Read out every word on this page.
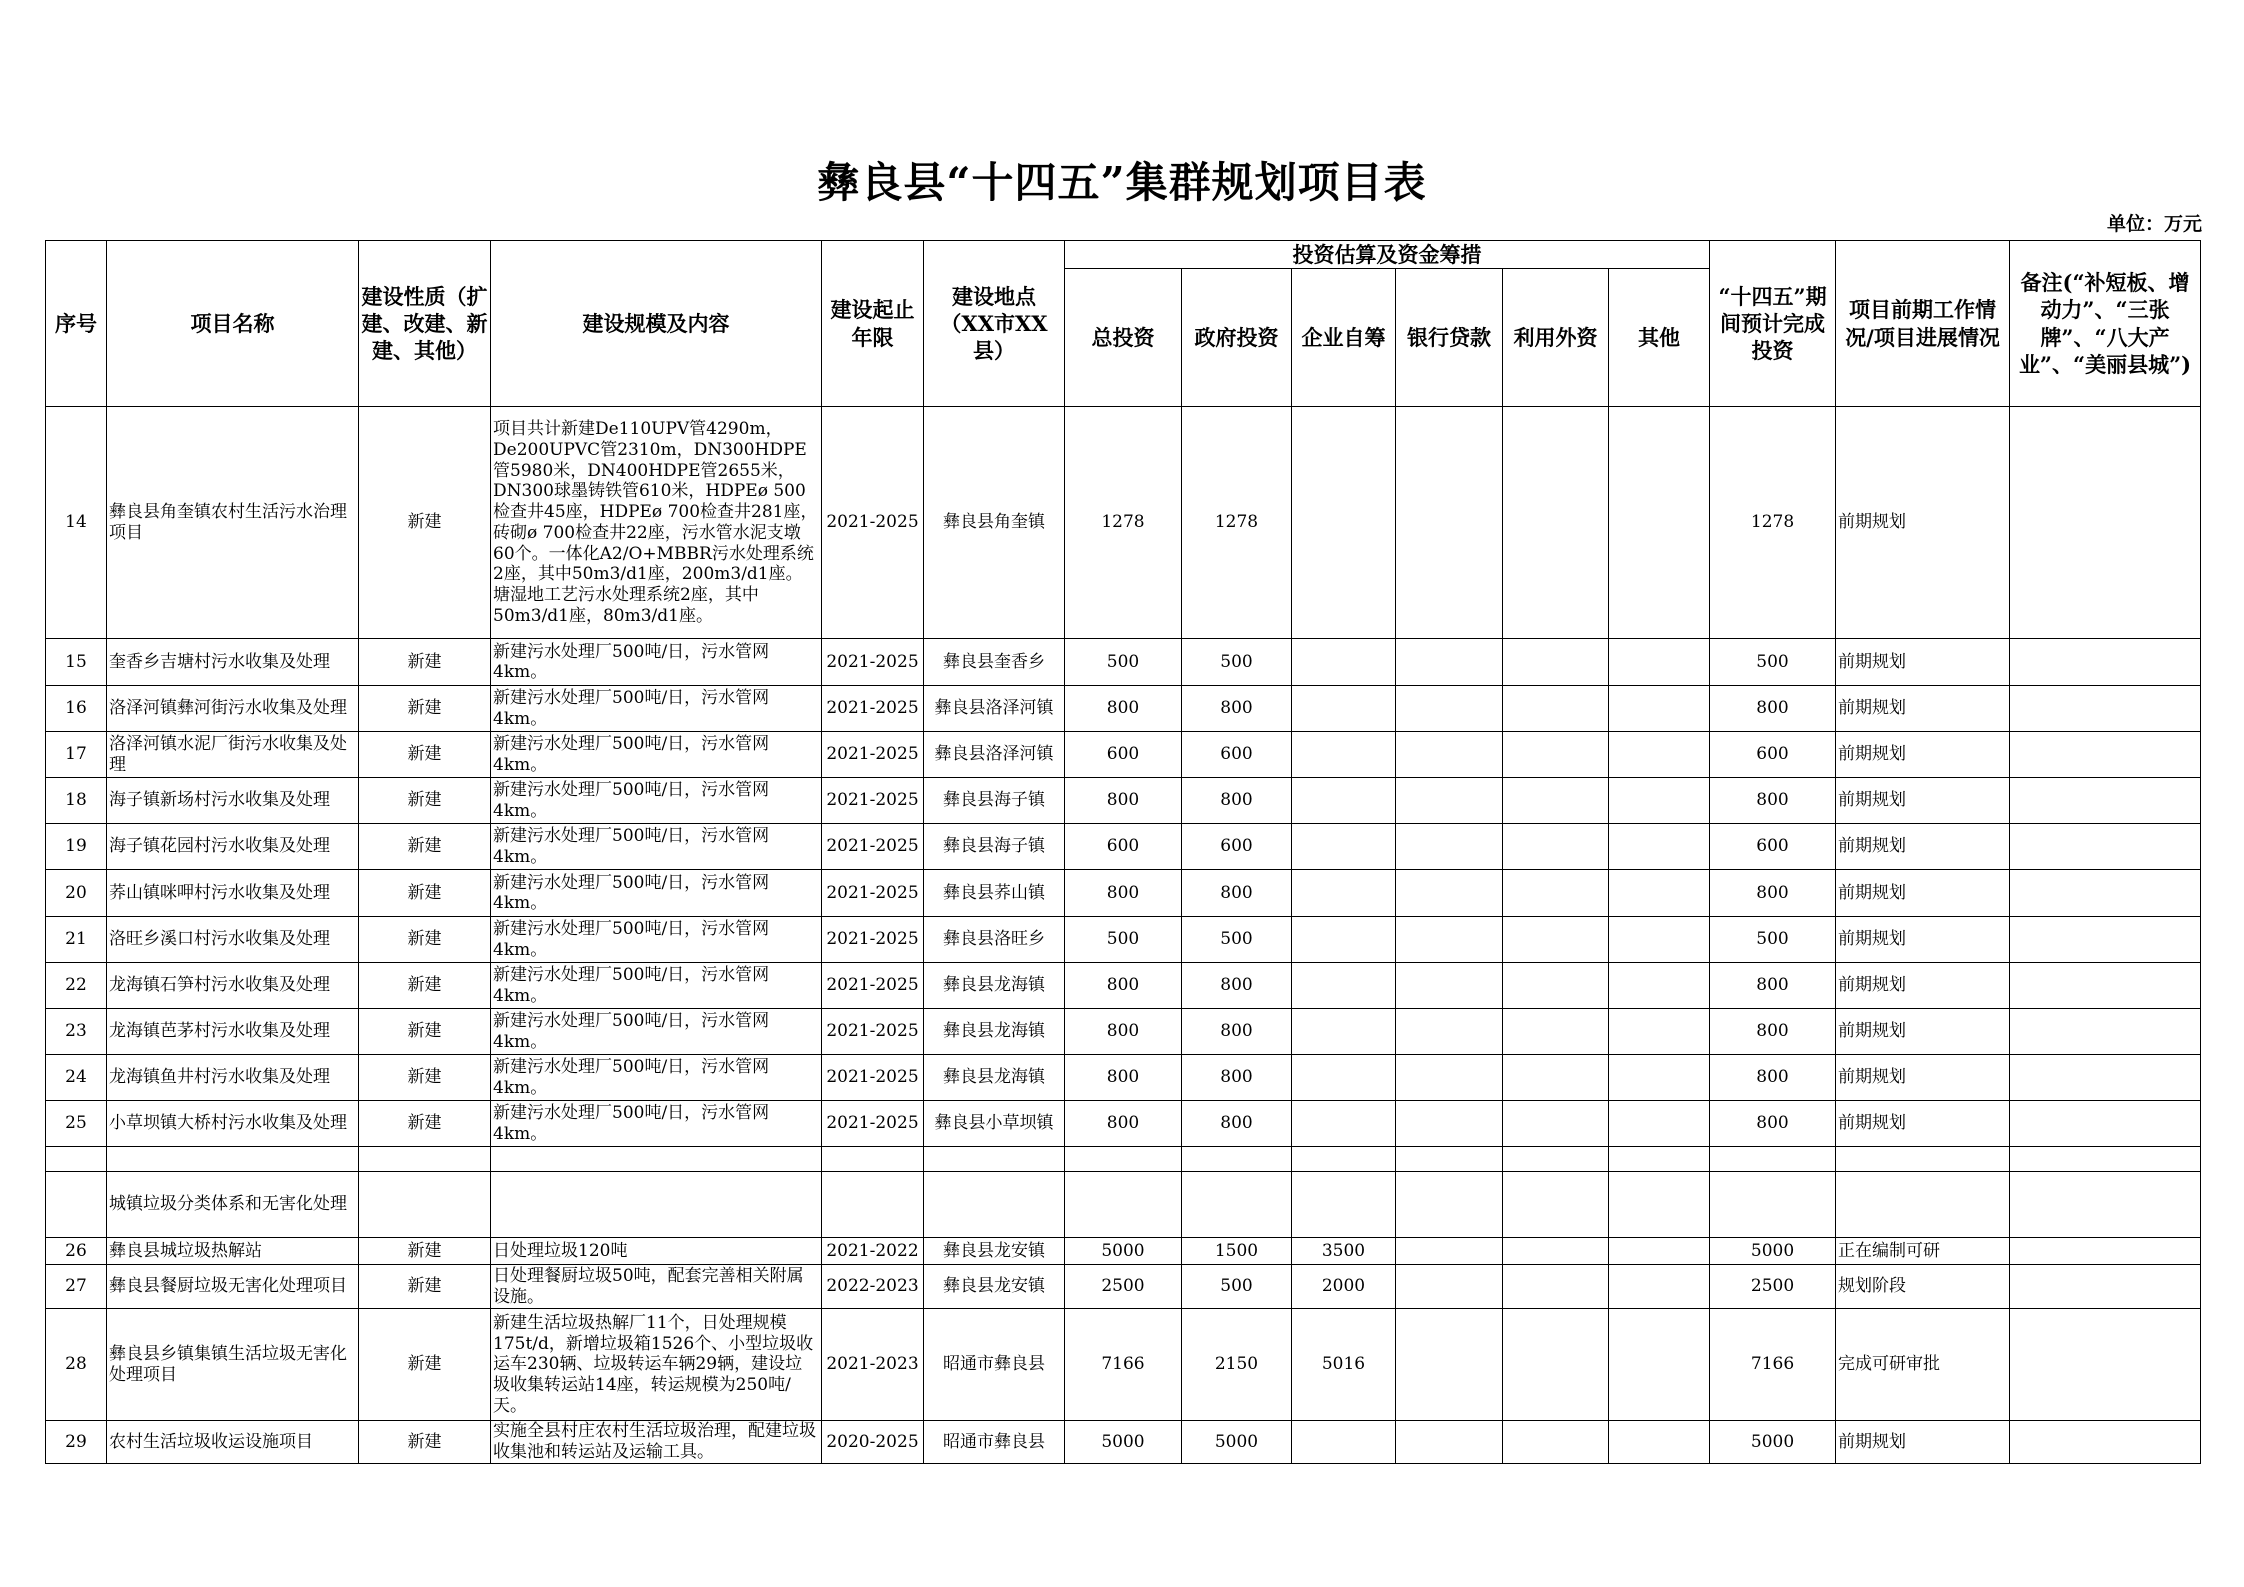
彝良县“十四五”集群规划项目表
单位：万元
序号	项目名称	建设性质（扩建、改建、新建、其他）	建设规模及内容	建设起止年限	建设地点（XX市XX县）	投资估算及资金筹措						“十四五”期间预计完成投资	项目前期工作情况/项目进展情况	备注(“补短板、增动力”、“三张牌”、“八大产业”、“美丽县城”)
						总投资	政府投资	企业自筹	银行贷款	利用外资	其他			
14	彝良县角奎镇农村生活污水治理项目	新建	项目共计新建De110UPV管4290m，De200UPVC管2310m，DN300HDPE管5980米，DN400HDPE管2655米，DN300球墨铸铁管610米，HDPEø 500检查井45座，HDPEø 700检查井281座，砖砌ø 700检查井22座，污水管水泥支墩60个。一体化A2/O+MBBR污水处理系统2座，其中50m3/d1座，200m3/d1座。塘湿地工艺污水处理系统2座，其中50m3/d1座，80m3/d1座。	2021-2025	彝良县角奎镇	1278	1278					1278	前期规划	
15	奎香乡吉塘村污水收集及处理	新建	新建污水处理厂500吨/日，污水管网4km。	2021-2025	彝良县奎香乡	500	500					500	前期规划	
16	洛泽河镇彝河街污水收集及处理	新建	新建污水处理厂500吨/日，污水管网4km。	2021-2025	彝良县洛泽河镇	800	800					800	前期规划	
17	洛泽河镇水泥厂街污水收集及处理	新建	新建污水处理厂500吨/日，污水管网4km。	2021-2025	彝良县洛泽河镇	600	600					600	前期规划	
18	海子镇新场村污水收集及处理	新建	新建污水处理厂500吨/日，污水管网4km。	2021-2025	彝良县海子镇	800	800					800	前期规划	
19	海子镇花园村污水收集及处理	新建	新建污水处理厂500吨/日，污水管网4km。	2021-2025	彝良县海子镇	600	600					600	前期规划	
20	荞山镇咪呷村污水收集及处理	新建	新建污水处理厂500吨/日，污水管网4km。	2021-2025	彝良县荞山镇	800	800					800	前期规划	
21	洛旺乡溪口村污水收集及处理	新建	新建污水处理厂500吨/日，污水管网4km。	2021-2025	彝良县洛旺乡	500	500					500	前期规划	
22	龙海镇石笋村污水收集及处理	新建	新建污水处理厂500吨/日，污水管网4km。	2021-2025	彝良县龙海镇	800	800					800	前期规划	
23	龙海镇芭茅村污水收集及处理	新建	新建污水处理厂500吨/日，污水管网4km。	2021-2025	彝良县龙海镇	800	800					800	前期规划	
24	龙海镇鱼井村污水收集及处理	新建	新建污水处理厂500吨/日，污水管网4km。	2021-2025	彝良县龙海镇	800	800					800	前期规划	
25	小草坝镇大桥村污水收集及处理	新建	新建污水处理厂500吨/日，污水管网4km。	2021-2025	彝良县小草坝镇	800	800					800	前期规划	

	城镇垃圾分类体系和无害化处理													
26	彝良县城垃圾热解站	新建	日处理垃圾120吨	2021-2022	彝良县龙安镇	5000	1500	3500				5000	正在编制可研	
27	彝良县餐厨垃圾无害化处理项目	新建	日处理餐厨垃圾50吨，配套完善相关附属设施。	2022-2023	彝良县龙安镇	2500	500	2000				2500	规划阶段	
28	彝良县乡镇集镇生活垃圾无害化处理项目	新建	新建生活垃圾热解厂11个，日处理规模175t/d，新增垃圾箱1526个、小型垃圾收运车230辆、垃圾转运车辆29辆，建设垃圾收集转运站14座，转运规模为250吨/天。	2021-2023	昭通市彝良县	7166	2150	5016				7166	完成可研审批	
29	农村生活垃圾收运设施项目	新建	实施全县村庄农村生活垃圾治理，配建垃圾收集池和转运站及运输工具。	2020-2025	昭通市彝良县	5000	5000					5000	前期规划	
